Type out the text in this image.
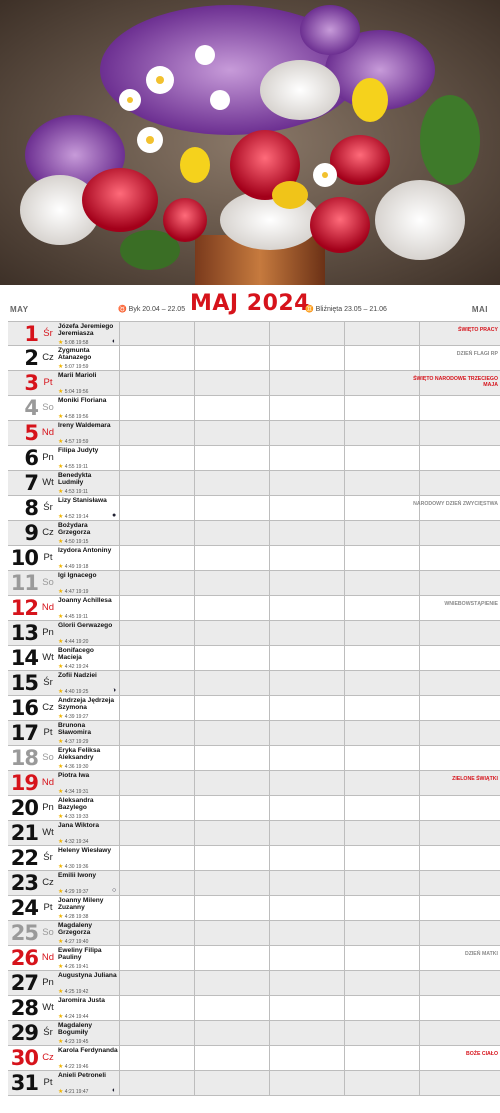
MAY	♉ Byk 20.04 – 22.05 MAJ 2024
♊ Bliźnięta 23.05 – 21.06	MAI
1 Śr
Józefa Jeremiego Jeremiasza
★ 5:08 19:58	◐
ŚWIĘTO PRACY
2 Cz
Zygmunta Atanazego
★ 5:07 19:59
DZIEŃ FLAGI RP
3 Pt
Marii Marioli
★ 5:04 19:56
ŚWIĘTO NARODOWE TRZECIEGO MAJA
4 So
Moniki Floriana
★ 4:58 19:56
5 Nd
Ireny Waldemara
★ 4:57 19:59
6 Pn
Filipa Judyty
★ 4:55 19:11
7 Wt
Benedykta Ludmiły
★ 4:53 19:11
8 Śr
Lizy Stanisława
★ 4:52 19:14	●
NARODOWY DZIEŃ ZWYCIĘSTWA
9 Cz
Bożydara Grzegorza
★ 4:50 19:15
10 Pt
Izydora Antoniny
★ 4:49 19:18
11 So
Igi Ignacego
★ 4:47 19:19
12 Nd
Joanny Achillesa
★ 4:45 19:11
WNIEBOWSTĄPIENIE
13 Pn
Glorii Gerwazego
★ 4:44 19:20
14 Wt
Bonifacego Macieja
★ 4:42 19:24
15 Śr
Zofii Nadziei
★ 4:40 19:25	◑
16 Cz
Andrzeja Jędrzeja Szymona
★ 4:39 19:27
17 Pt
Brunona Sławomira
★ 4:37 19:29
18 So
Eryka Feliksa Aleksandry
★ 4:36 19:30
19 Nd
Piotra Iwa
★ 4:34 19:31
ZIELONE ŚWIĄTKI
20 Pn
Aleksandra Bazylego
★ 4:33 19:33
21 Wt
Jana Wiktora
★ 4:32 19:34
22 Śr
Heleny Wiesławy
★ 4:30 19:36
23 Cz
Emilii Iwony
★ 4:29 19:37	○
24 Pt
Joanny Mileny Zuzanny
★ 4:28 19:38
25 So
Magdaleny Grzegorza
★ 4:27 19:40
26 Nd
Eweliny Filipa Pauliny
★ 4:26 19:41
DZIEŃ MATKI
27 Pn
Augustyna Juliana
★ 4:25 19:42
28 Wt
Jaromira Justa
★ 4:24 19:44
29 Śr
Magdaleny Bogumiły
★ 4:23 19:45
30 Cz
Karola Ferdynanda
★ 4:22 19:46
BOŻE CIAŁO
31 Pt
Anieli Petroneli
★ 4:21 19:47	◐
